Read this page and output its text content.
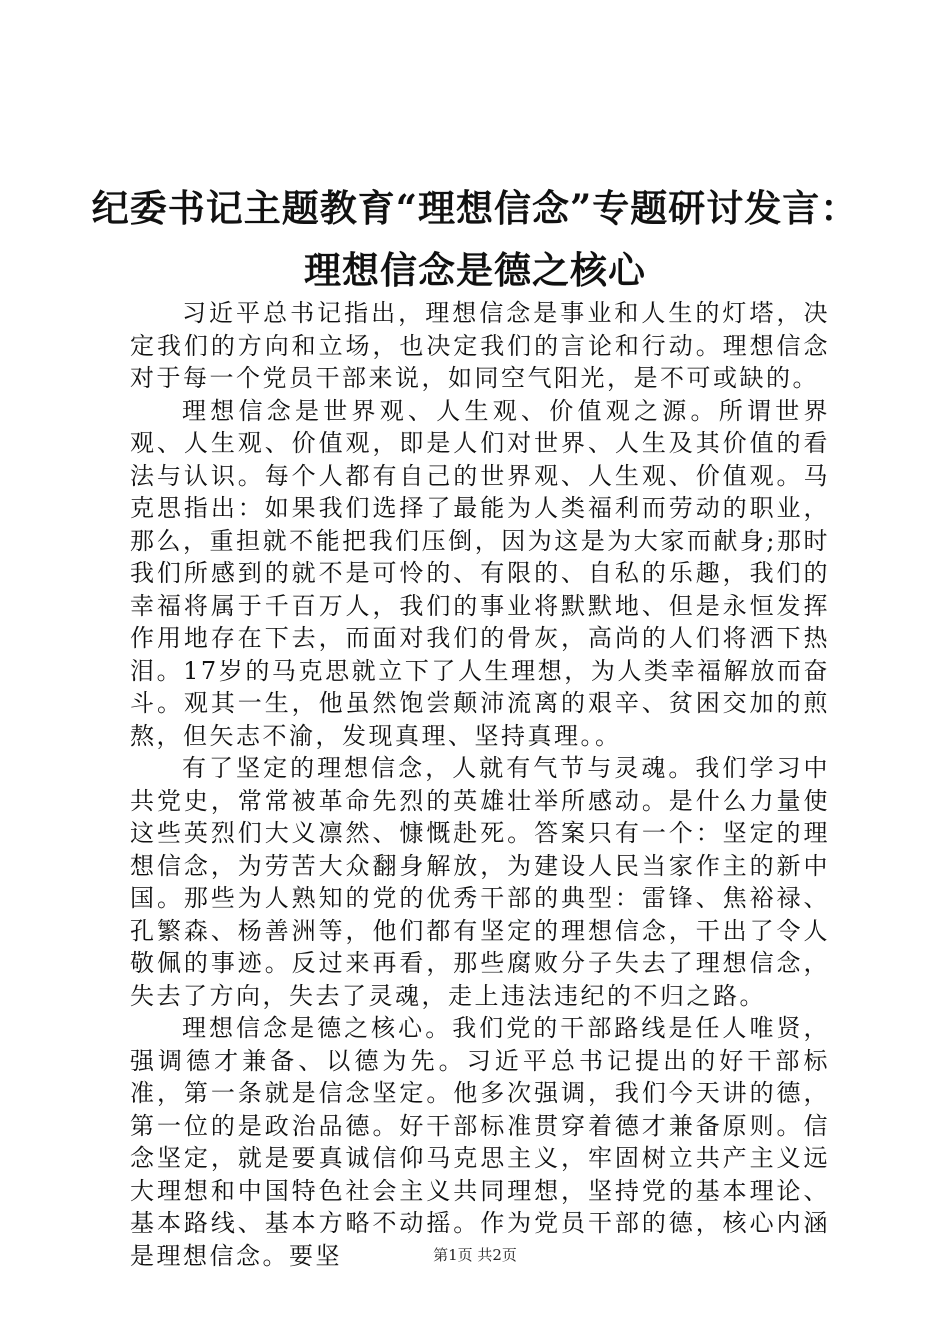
纪委书记主题教育“理想信念”专题研讨发言：
理想信念是德之核心

习近平总书记指出，理想信念是事业和人生的灯塔，决定我们的方向和立场，也决定我们的言论和行动。理想信念对于每一个党员干部来说，如同空气阳光，是不可或缺的。

理想信念是世界观、人生观、价值观之源。所谓世界观、人生观、价值观，即是人们对世界、人生及其价值的看法与认识。每个人都有自己的世界观、人生观、价值观。马克思指出：如果我们选择了最能为人类福利而劳动的职业，那么，重担就不能把我们压倒，因为这是为大家而献身;那时我们所感到的就不是可怜的、有限的、自私的乐趣，我们的幸福将属于千百万人，我们的事业将默默地、但是永恒发挥作用地存在下去，而面对我们的骨灰，高尚的人们将洒下热泪。17岁的马克思就立下了人生理想，为人类幸福解放而奋斗。观其一生，他虽然饱尝颠沛流离的艰辛、贫困交加的煎熬，但矢志不渝，发现真理、坚持真理。。

有了坚定的理想信念，人就有气节与灵魂。我们学习中共党史，常常被革命先烈的英雄壮举所感动。是什么力量使这些英烈们大义凛然、慷慨赴死。答案只有一个：坚定的理想信念，为劳苦大众翻身解放，为建设人民当家作主的新中国。那些为人熟知的党的优秀干部的典型：雷锋、焦裕禄、孔繁森、杨善洲等，他们都有坚定的理想信念，干出了令人敬佩的事迹。反过来再看，那些腐败分子失去了理想信念，失去了方向，失去了灵魂，走上违法违纪的不归之路。

理想信念是德之核心。我们党的干部路线是任人唯贤，强调德才兼备、以德为先。习近平总书记提出的好干部标准，第一条就是信念坚定。他多次强调，我们今天讲的德，第一位的是政治品德。好干部标准贯穿着德才兼备原则。信念坚定，就是要真诚信仰马克思主义，牢固树立共产主义远大理想和中国特色社会主义共同理想，坚持党的基本理论、基本路线、基本方略不动摇。作为党员干部的德，核心内涵是理想信念。要坚	第1页 共2页
